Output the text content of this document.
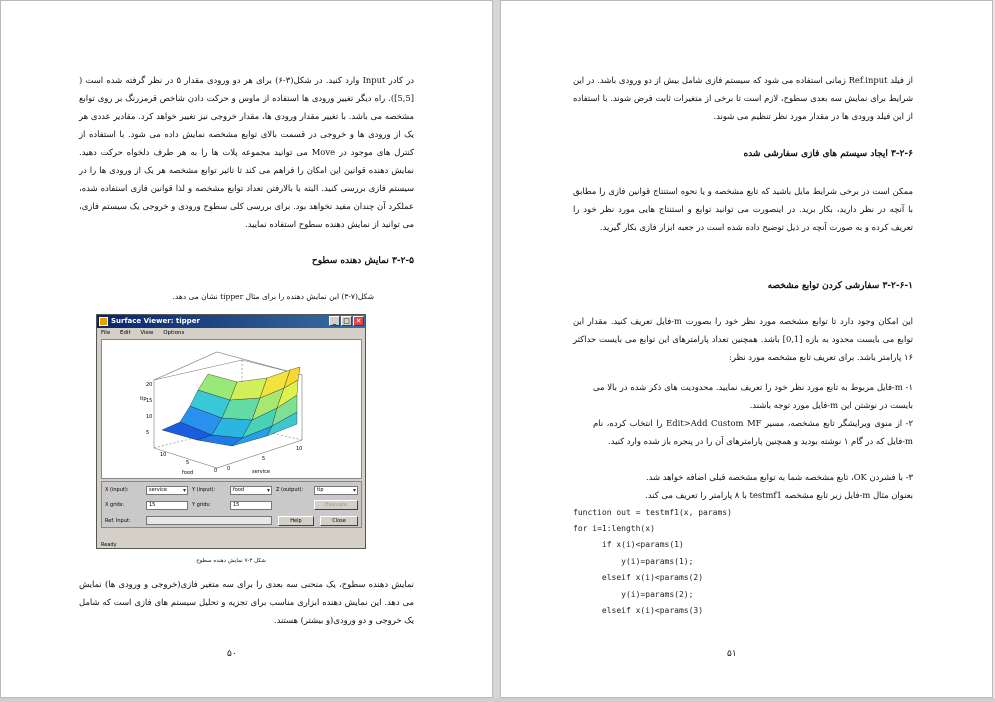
در کادر Input وارد کنید. در شکل(۳-۶) برای هر دو ورودی مقدار ۵ در نظر گرفته شده است ( [5,5]). راه دیگر تغییر ورودی ها استفاده از ماوس و حرکت دادن شاخص قرمزرنگ بر روی توابع مشخصه می باشد. با تغییر مقدار ورودی ها، مقدار خروجی نیز تغییر خواهد کرد. مقادیر عددی هر یک از ورودی ها و خروجی در قسمت بالای توابع مشخصه نمایش داده می شود. با استفاده از کنترل های موجود در Move می توانید مجموعه پلات ها را به هر طرف دلخواه حرکت دهید. نمایش دهنده قوانین این امکان را فراهم می کند تا تاثیر توابع مشخصه هر یک از ورودی ها را در سیستم فازی بررسی کنید. البته با بالارفتن تعداد توابع مشخصه و لذا قوانین فازی استفاده شده، عملکرد آن چندان مفید نخواهد بود. برای بررسی کلی سطوح ورودی و خروجی یک سیستم فازی، می توانید از نمایش دهنده سطوح استفاده نمایید.
۳-۲-۵ نمایش دهنده سطوح
شکل(۷-۳) این نمایش دهنده را برای مثال tipper نشان می دهد.
شکل ۳-۷ نمایش دهنده سطوح
نمایش دهنده سطوح، یک منحنی سه بعدی را برای سه متغیر فازی(خروجی و ورودی ها) نمایش می دهد. این نمایش دهنده ابزاری مناسب برای تجزیه و تحلیل سیستم های فازی است که شامل یک خروجی و دو ورودی(و بیشتر) هستند.
۵۰
Surface Viewer: tipper	_ □ ✕
File Edit View Options
tip
20
15
10
5
10
5
0
food
0
5
10
service
X (input):	service ▾	Y (input):	food ▾	Z (output):	tip ▾
X grids:	15	Y grids:	15	Evaluate
Ref. Input:	Help	Close
Ready
از فیلد Ref.input زمانی استفاده می شود که سیستم فازی شامل بیش از دو ورودی باشد. در این شرایط برای نمایش سه بعدی سطوح، لازم است تا برخی از متغیرات ثابت فرض شوند. با استفاده از این فیلد ورودی ها در مقدار مورد نظر تنظیم می شوند.
۳-۲-۶ ایجاد سیستم های فازی سفارشی شده
ممکن است در برخی شرایط مایل باشید که تابع مشخصه و یا نحوه استنتاج قوانین فازی را مطابق با آنچه در نظر دارید، بکار برید. در اینصورت می توانید توابع و استنتاج هایی مورد نظر خود را تعریف کرده و به صورت آنچه در ذیل توضیح داده شده است در جعبه ابزار فازی بکار گیرید.
۳-۲-۶-۱ سفارشی کردن توابع مشخصه
این امکان وجود دارد تا توابع مشخصه مورد نظر خود را بصورت m-فایل تعریف کنید. مقدار این توابع می بایست محدود به بازه [0,1] باشد. همچنین تعداد پارامترهای این توابع می بایست حداکثر ۱۶ پارامتر باشد. برای تعریف تابع مشخصه مورد نظر:
۱- m-فایل مربوط به تابع مورد نظر خود را تعریف نمایید. محدودیت های ذکر شده در بالا می بایست در نوشتن این m-فایل مورد توجه باشند.
۲- از منوی ویرایشگر تابع مشخصه، مسیر Edit>Add Custom MF را انتخاب کرده، نام m-فایل که در گام ۱ نوشته بودید و همچنین پارامترهای آن را در پنجره باز شده وارد کنید.
۳- با فشردن OK، تابع مشخصه شما به توابع مشخصه قبلی اضافه خواهد شد.
بعنوان مثال m-فایل زیر تابع مشخصه testmf1 با ۸ پارامتر را تعریف می کند.
function out = testmf1(x, params)
for i=1:length(x)
if x(i)<params(1)
y(i)=params(1);
elseif x(i)<params(2)
y(i)=params(2);
elseif x(i)<params(3)
۵۱
